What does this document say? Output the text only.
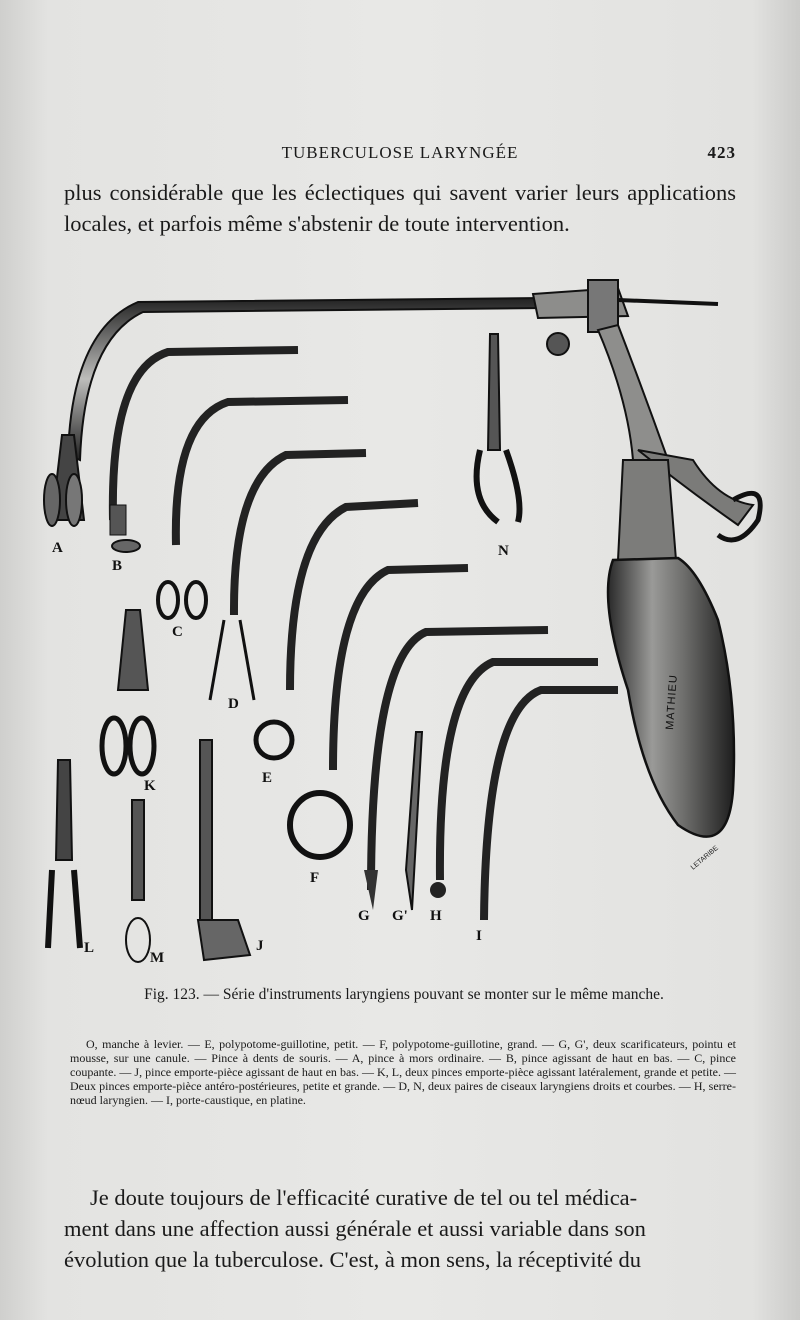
TUBERCULOSE LARYNGÉE	423
plus considérable que les éclectiques qui savent varier leurs applications locales, et parfois même s'abstenir de toute intervention.
MATHIEU
LETARIBE
A
B
C
D
E
F
G G' H
I
K
L
M
J
N
Fig. 123. — Série d'instruments laryngiens pouvant se monter sur le même manche.
O, manche à levier. — E, polypotome-guillotine, petit. — F, polypotome-guillotine, grand. — G, G', deux scarificateurs, pointu et mousse, sur une canule. — Pince à dents de souris. — A, pince à mors ordinaire. — B, pince agissant de haut en bas. — C, pince coupante. — J, pince emporte-pièce agissant de haut en bas. — K, L, deux pinces emporte-pièce agissant latéralement, grande et petite. — Deux pinces emporte-pièce antéro-postérieures, petite et grande. — D, N, deux paires de ciseaux laryngiens droits et courbes. — H, serre-nœud laryngien. — I, porte-caustique, en platine.
Je doute toujours de l'efficacité curative de tel ou tel médica-
ment dans une affection aussi générale et aussi variable dans son
évolution que la tuberculose. C'est, à mon sens, la réceptivité du
